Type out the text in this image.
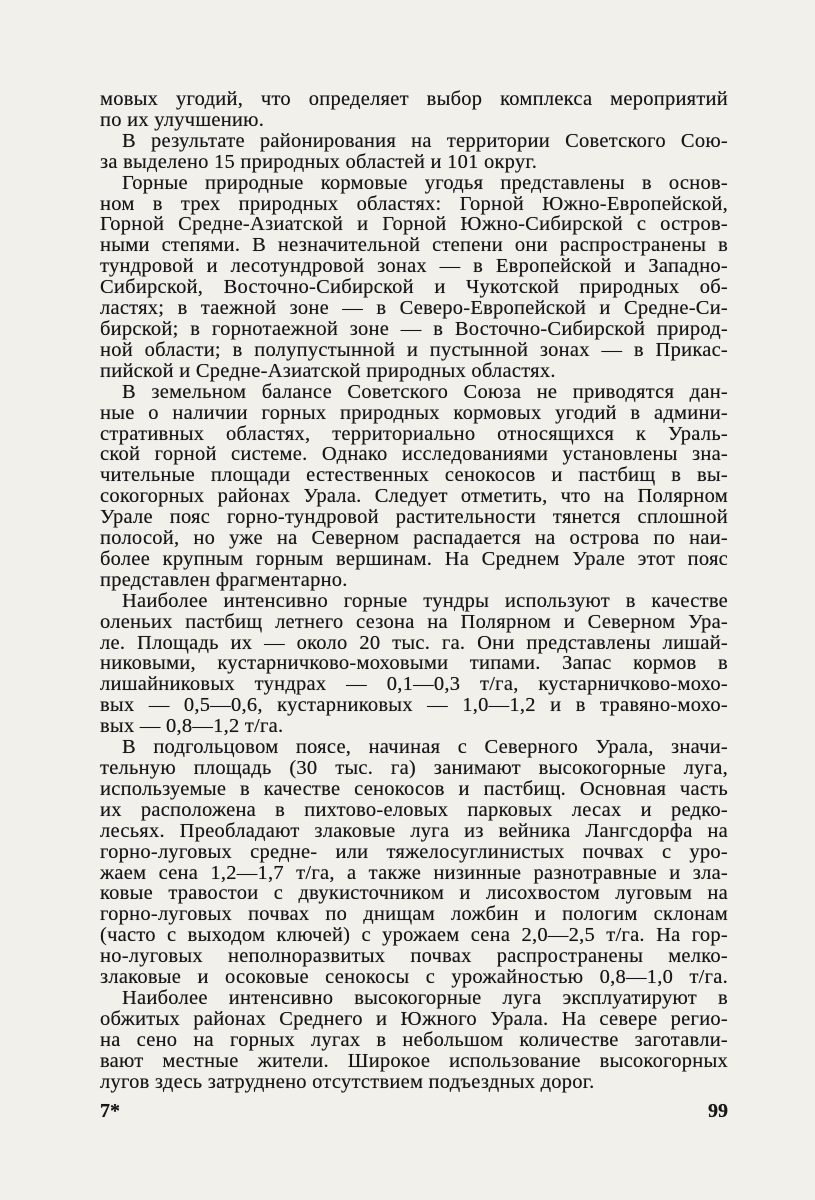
мовых угодий, что определяет выбор комплекса мероприятий
по их улучшению.
В результате районирования на территории Советского Сою-
за выделено 15 природных областей и 101 округ.
Горные природные кормовые угодья представлены в основ-
ном в трех природных областях: Горной Южно-Европейской,
Горной Средне-Азиатской и Горной Южно-Сибирской с остров-
ными степями. В незначительной степени они распространены в
тундровой и лесотундровой зонах — в Европейской и Западно-
Сибирской, Восточно-Сибирской и Чукотской природных об-
ластях; в таежной зоне — в Северо-Европейской и Средне-Си-
бирской; в горнотаежной зоне — в Восточно-Сибирской природ-
ной области; в полупустынной и пустынной зонах — в Прикас-
пийской и Средне-Азиатской природных областях.
В земельном балансе Советского Союза не приводятся дан-
ные о наличии горных природных кормовых угодий в админи-
стративных областях, территориально относящихся к Ураль-
ской горной системе. Однако исследованиями установлены зна-
чительные площади естественных сенокосов и пастбищ в вы-
сокогорных районах Урала. Следует отметить, что на Полярном
Урале пояс горно-тундровой растительности тянется сплошной
полосой, но уже на Северном распадается на острова по наи-
более крупным горным вершинам. На Среднем Урале этот пояс
представлен фрагментарно.
Наиболее интенсивно горные тундры используют в качестве
оленьих пастбищ летнего сезона на Полярном и Северном Ура-
ле. Площадь их — около 20 тыс. га. Они представлены лишай-
никовыми, кустарничково-моховыми типами. Запас кормов в
лишайниковых тундрах — 0,1—0,3 т/га, кустарничково-мохо-
вых — 0,5—0,6, кустарниковых — 1,0—1,2 и в травяно-мохо-
вых — 0,8—1,2 т/га.
В подгольцовом поясе, начиная с Северного Урала, значи-
тельную площадь (30 тыс. га) занимают высокогорные луга,
используемые в качестве сенокосов и пастбищ. Основная часть
их расположена в пихтово-еловых парковых лесах и редко-
лесьях. Преобладают злаковые луга из вейника Лангсдорфа на
горно-луговых средне- или тяжелосуглинистых почвах с уро-
жаем сена 1,2—1,7 т/га, а также низинные разнотравные и зла-
ковые травостои с двукисточником и лисохвостом луговым на
горно-луговых почвах по днищам ложбин и пологим склонам
(часто с выходом ключей) с урожаем сена 2,0—2,5 т/га. На гор-
но-луговых неполноразвитых почвах распространены мелко-
злаковые и осоковые сенокосы с урожайностью 0,8—1,0 т/га.
Наиболее интенсивно высокогорные луга эксплуатируют в
обжитых районах Среднего и Южного Урала. На севере регио-
на сено на горных лугах в небольшом количестве заготавли-
вают местные жители. Широкое использование высокогорных
лугов здесь затруднено отсутствием подъездных дорог.
7*	99
